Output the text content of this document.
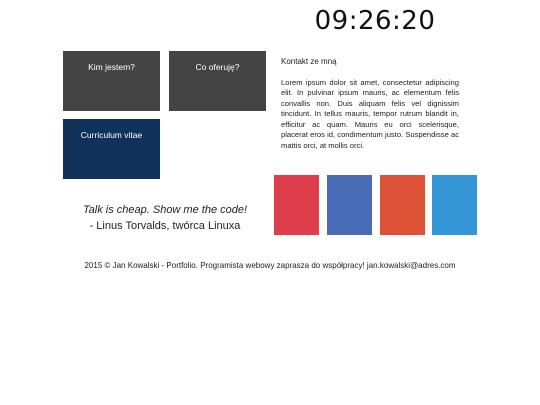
09:26:20
Kim jestem?	Co oferuję?
Curriculum vitae
Kontakt ze mną
Lorem ipsum dolor sit amet, consectetur adipiscing elit. In pulvinar ipsum mauris, ac elementum felis convallis non. Duis aliquam felis vel dignissim tincidunt. In tellus mauris, tempor rutrum blandit in, efficitur ac quam. Mauris eu orci scelerisque, placerat eros id, condimentum justo. Suspendisse ac mattis orci, at mollis orci.
Talk is cheap. Show me the code!
- Linus Torvalds, twórca Linuxa
2015 © Jan Kowalski - Portfolio. Programista webowy zaprasza do współpracy! jan.kowalski@adres.com
